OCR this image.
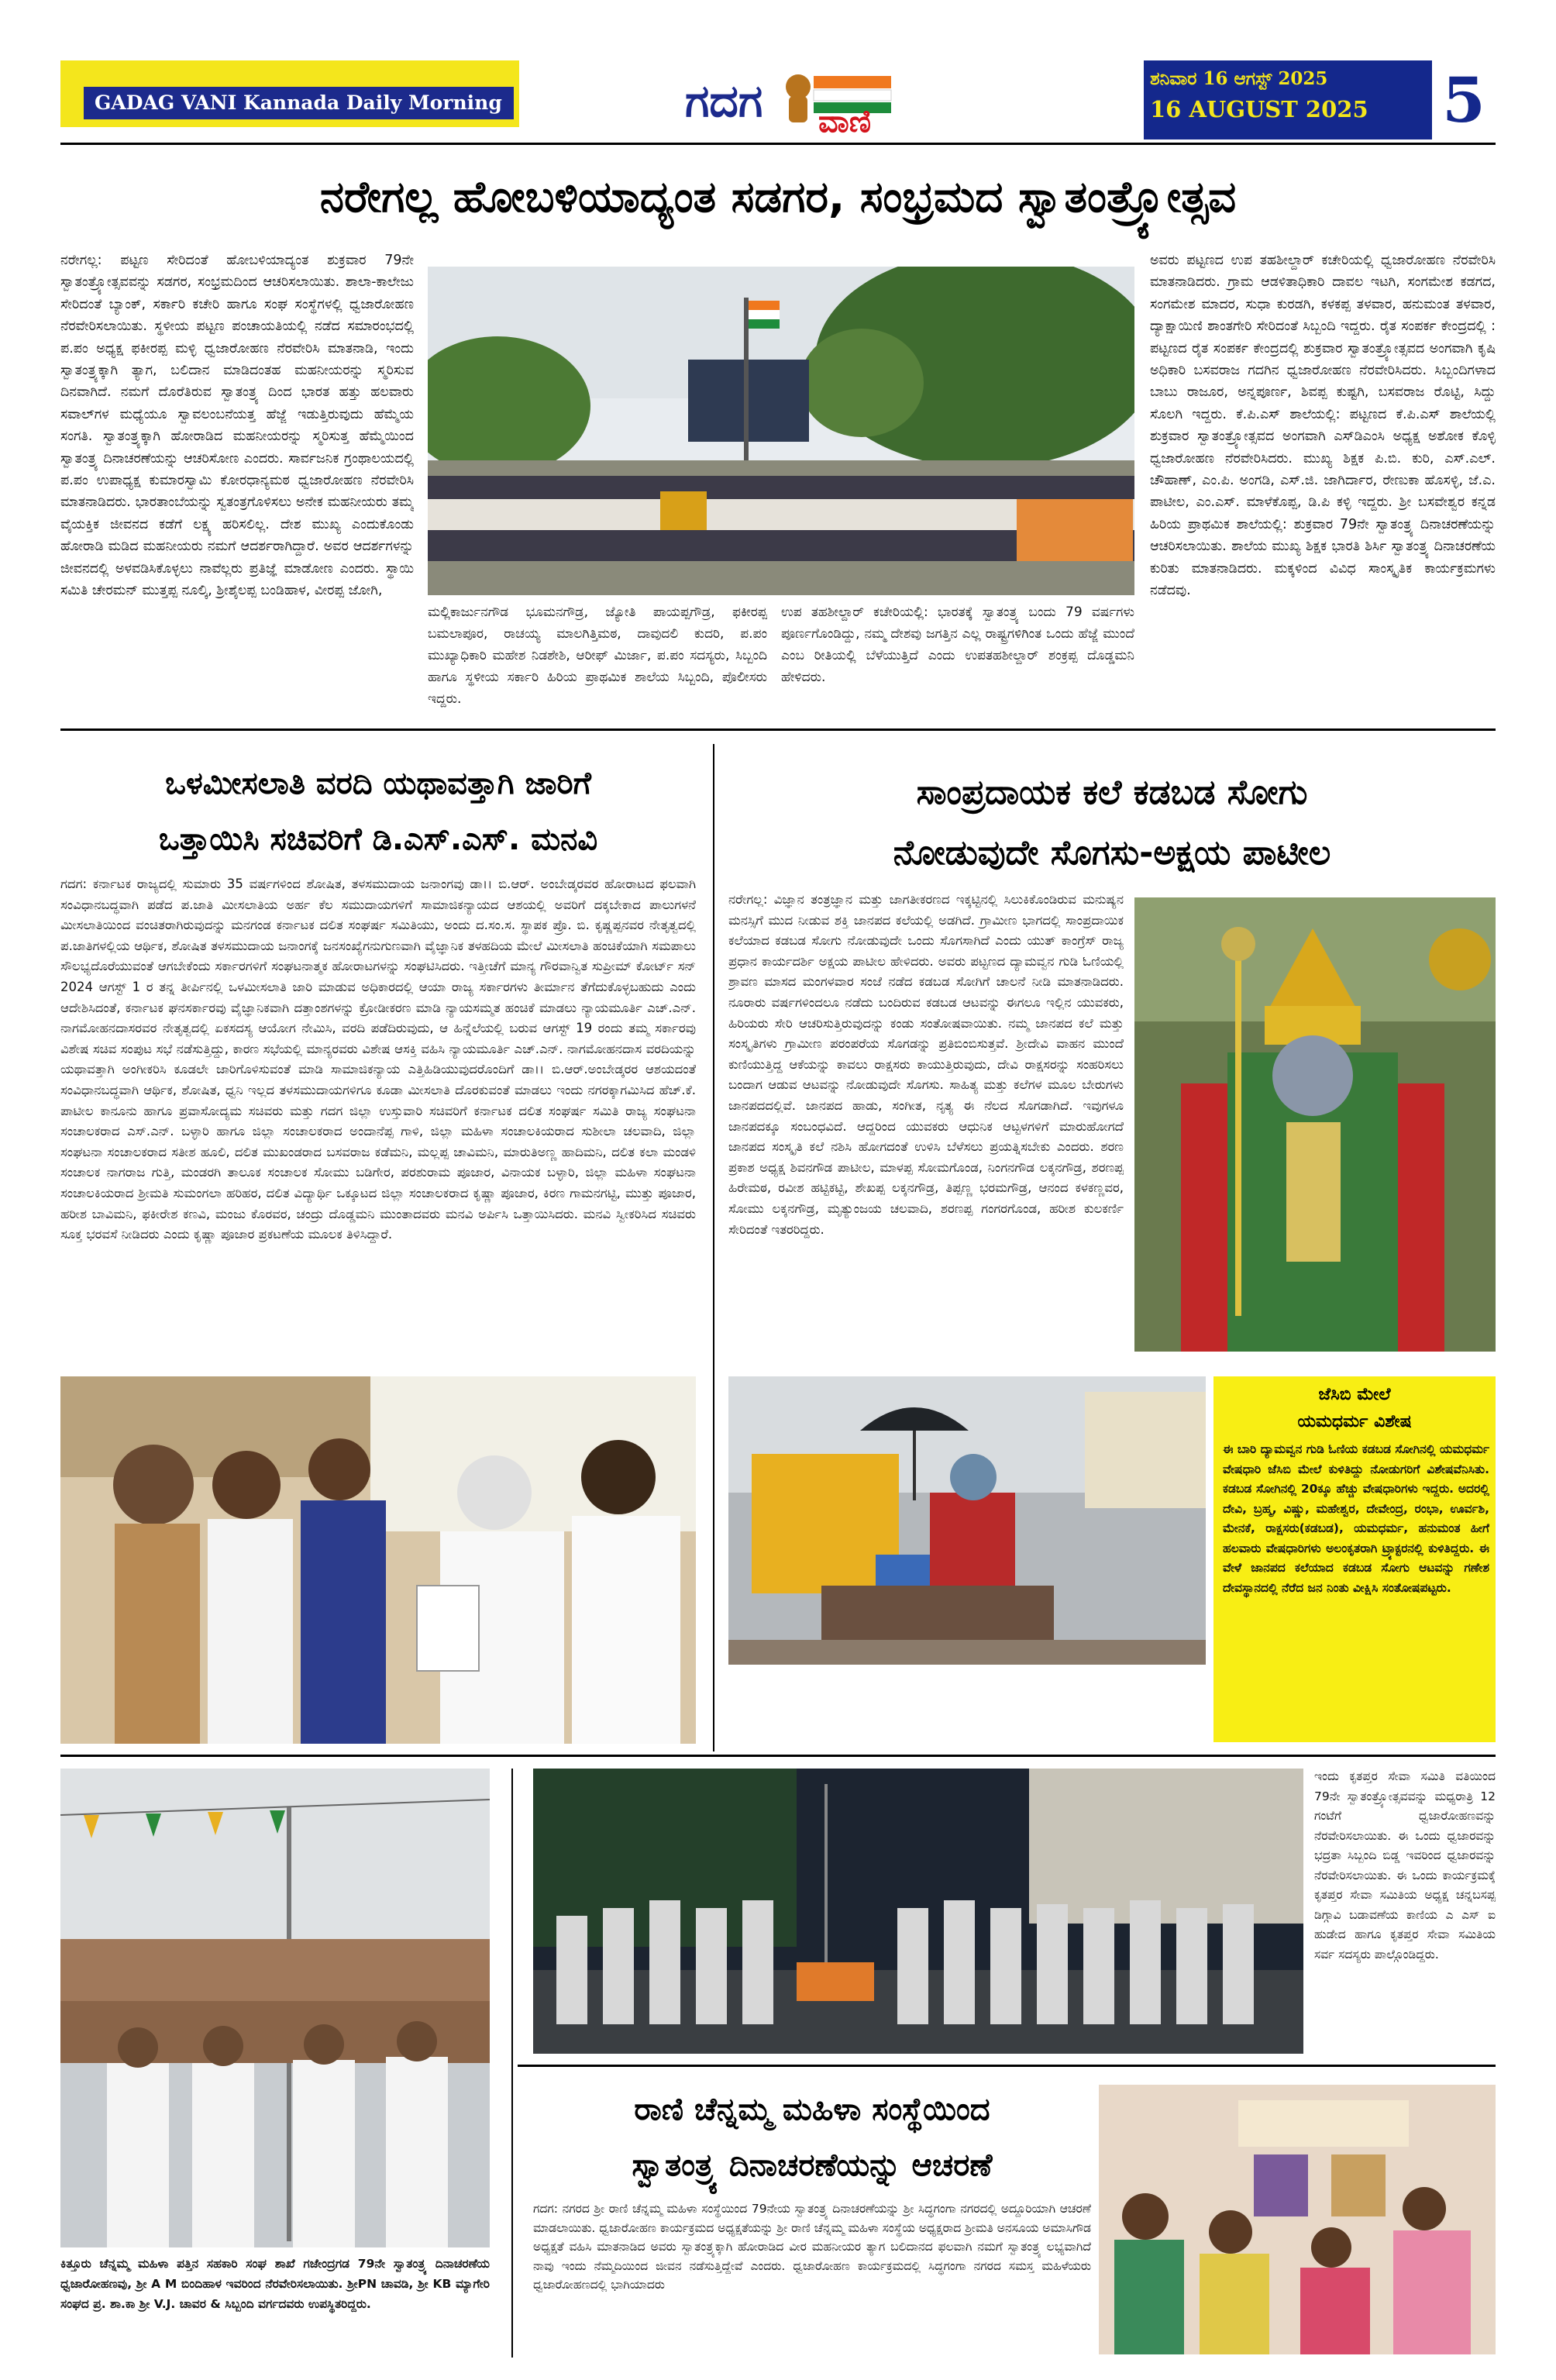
GADAG VANI Kannada Daily Morning	ಗದಗ ವಾಣಿ
ಶನಿವಾರ 16 ಆಗಸ್ಟ್ 2025
16 AUGUST 2025 5
ನರೇಗಲ್ಲ ಹೋಬಳಿಯಾದ್ಯಂತ ಸಡಗರ, ಸಂಭ್ರಮದ ಸ್ವಾತಂತ್ರ್ಯೋತ್ಸವ
ನರೇಗಲ್ಲ: ಪಟ್ಟಣ ಸೇರಿದಂತೆ ಹೋಬಳಿಯಾದ್ಯಂತ ಶುಕ್ರವಾರ 79ನೇ ಸ್ವಾತಂತ್ರ್ಯೋತ್ಸವವನ್ನು ಸಡಗರ, ಸಂಭ್ರಮದಿಂದ ಆಚರಿಸಲಾಯಿತು. ಶಾಲಾ-ಕಾಲೇಜು ಸೇರಿದಂತೆ ಬ್ಯಾಂಕ್, ಸರ್ಕಾರಿ ಕಚೇರಿ ಹಾಗೂ ಸಂಘ ಸಂಸ್ಥೆಗಳಲ್ಲಿ ಧ್ವಜಾರೋಹಣ ನೆರವೇರಿಸಲಾಯಿತು. ಸ್ಥಳೀಯ ಪಟ್ಟಣ ಪಂಚಾಯತಿಯಲ್ಲಿ ನಡೆದ ಸಮಾರಂಭದಲ್ಲಿ ಪ.ಪಂ ಅಧ್ಯಕ್ಷ ಫಕೀರಪ್ಪ ಮಳ್ಳಿ ಧ್ವಜಾರೋಹಣ ನೆರವೇರಿಸಿ ಮಾತನಾಡಿ, ಇಂದು ಸ್ವಾತಂತ್ರ್ಯಕ್ಕಾಗಿ ತ್ಯಾಗ, ಬಲಿದಾನ ಮಾಡಿದಂತಹ ಮಹನೀಯರನ್ನು ಸ್ಮರಿಸುವ ದಿನವಾಗಿದೆ. ನಮಗೆ ದೊರೆತಿರುವ ಸ್ವಾತಂತ್ರ್ಯ ದಿಂದ ಭಾರತ ಹತ್ತು ಹಲವಾರು ಸವಾಲ್‌ಗಳ ಮಧ್ಯೆಯೂ ಸ್ವಾವಲಂಬನೆಯತ್ತ ಹೆಜ್ಜೆ ಇಡುತ್ತಿರುವುದು ಹೆಮ್ಮೆಯ ಸಂಗತಿ. ಸ್ವಾತಂತ್ರ್ಯಕ್ಕಾಗಿ ಹೋರಾಡಿದ ಮಹನೀಯರನ್ನು ಸ್ಮರಿಸುತ್ತ ಹೆಮ್ಮೆಯಿಂದ ಸ್ವಾತಂತ್ರ್ಯ ದಿನಾಚರಣೆಯನ್ನು ಆಚರಿಸೋಣ ಎಂದರು. ಸಾರ್ವಜನಿಕ ಗ್ರಂಥಾಲಯದಲ್ಲಿ ಪ.ಪಂ ಉಪಾಧ್ಯಕ್ಷ ಕುಮಾರಸ್ವಾಮಿ ಕೋರಧಾನ್ಯಮಠ ಧ್ವಜಾರೋಹಣ ನೆರವೇರಿಸಿ ಮಾತನಾಡಿದರು. ಭಾರತಾಂಬೆಯನ್ನು ಸ್ವತಂತ್ರಗೊಳಿಸಲು ಅನೇಕ ಮಹನೀಯರು ತಮ್ಮ ವೈಯಕ್ತಿಕ ಜೀವನದ ಕಡೆಗೆ ಲಕ್ಷ್ಯ ಹರಿಸಲಿಲ್ಲ. ದೇಶ ಮುಖ್ಯ ಎಂದುಕೊಂಡು ಹೋರಾಡಿ ಮಡಿದ ಮಹನೀಯರು ನಮಗೆ ಆದರ್ಶರಾಗಿದ್ದಾರೆ. ಅವರ ಆದರ್ಶಗಳನ್ನು ಜೀವನದಲ್ಲಿ ಅಳವಡಿಸಿಕೊಳ್ಳಲು ನಾವೆಲ್ಲರು ಪ್ರತಿಜ್ಞೆ ಮಾಡೋಣ ಎಂದರು. ಸ್ಥಾಯಿ ಸಮಿತಿ ಚೇರಮನ್ ಮುತ್ತಪ್ಪ ನೂಲ್ಕಿ, ಶ್ರೀಶೈಲಪ್ಪ ಬಂಡಿಹಾಳ, ವೀರಪ್ಪ ಜೋಗಿ,
ಮಲ್ಲಿಕಾರ್ಜುನಗೌಡ ಭೂಮನಗೌಡ್ರ, ಜ್ಯೋತಿ ಪಾಯಪ್ಪಗೌಡ್ರ, ಫಕೀರಪ್ಪ ಬಮಲಾಪೂರ, ರಾಚಯ್ಯ ಮಾಲಗಿತ್ತಿಮಠ, ದಾವುದಲಿ ಕುದರಿ, ಪ.ಪಂ ಮುಖ್ಯಾಧಿಕಾರಿ ಮಹೇಶ ನಿಡಶೇಶಿ, ಆರೀಫ್ ಮಿರ್ಜಾ, ಪ.ಪಂ ಸದಸ್ಯರು, ಸಿಬ್ಬಂದಿ ಹಾಗೂ ಸ್ಥಳೀಯ ಸರ್ಕಾರಿ ಹಿರಿಯ ಪ್ರಾಥಮಿಕ ಶಾಲೆಯ ಸಿಬ್ಬಂದಿ, ಪೊಲೀಸರು ಇದ್ದರು.
ಉಪ ತಹಶೀಲ್ದಾರ್ ಕಚೇರಿಯಲ್ಲಿ: ಭಾರತಕ್ಕೆ ಸ್ವಾತಂತ್ರ್ಯ ಬಂದು 79 ವರ್ಷಗಳು ಪೂರ್ಣಗೊಂಡಿದ್ದು, ನಮ್ಮ ದೇಶವು ಜಗತ್ತಿನ ಎಲ್ಲ ರಾಷ್ಟ್ರಗಳಿಗಿಂತ ಒಂದು ಹೆಜ್ಜೆ ಮುಂದೆ ಎಂಬ ರೀತಿಯಲ್ಲಿ ಬೆಳೆಯುತ್ತಿದೆ ಎಂದು ಉಪತಹಶೀಲ್ದಾರ್ ಶಂಕ್ರಪ್ಪ ದೊಡ್ಡಮನಿ ಹೇಳಿದರು.
ಅವರು ಪಟ್ಟಣದ ಉಪ ತಹಶೀಲ್ದಾರ್ ಕಚೇರಿಯಲ್ಲಿ ಧ್ವಜಾರೋಹಣ ನೆರವೇರಿಸಿ ಮಾತನಾಡಿದರು. ಗ್ರಾಮ ಆಡಳಿತಾಧಿಕಾರಿ ದಾವಲ ಇಟಗಿ, ಸಂಗಮೇಶ ಕಡಗದ, ಸಂಗಮೇಶ ಮಾದರ, ಸುಧಾ ಕುರಡಗಿ, ಕಳಕಪ್ಪ ತಳವಾರ, ಹನುಮಂತ ತಳವಾರ, ದ್ಯಾಕ್ಷಾಯಿಣಿ ಶಾಂತಗೇರಿ ಸೇರಿದಂತೆ ಸಿಬ್ಬಂದಿ ಇದ್ದರು. ರೈತ ಸಂಪರ್ಕ ಕೇಂದ್ರದಲ್ಲಿ : ಪಟ್ಟಣದ ರೈತ ಸಂಪರ್ಕ ಕೇಂದ್ರದಲ್ಲಿ ಶುಕ್ರವಾರ ಸ್ವಾತಂತ್ರ್ಯೋತ್ಸವದ ಅಂಗವಾಗಿ ಕೃಷಿ ಅಧಿಕಾರಿ ಬಸವರಾಜ ಗದಗಿನ ಧ್ವಜಾರೋಹಣ ನೆರವೇರಿಸಿದರು. ಸಿಬ್ಬಂದಿಗಳಾದ ಬಾಬು ರಾಜೂರ, ಅನ್ನಪೂರ್ಣ, ಶಿವಪ್ಪ ಕುಷ್ಟಗಿ, ಬಸವರಾಜ ರೊಟ್ಟಿ, ಸಿದ್ದು ಸೊಲಗಿ ಇದ್ದರು. ಕೆ.ಪಿ.ಎಸ್ ಶಾಲೆಯಲ್ಲಿ: ಪಟ್ಟಣದ ಕೆ.ಪಿ.ಎಸ್ ಶಾಲೆಯಲ್ಲಿ ಶುಕ್ರವಾರ ಸ್ವಾತಂತ್ರ್ಯೋತ್ಸವದ ಅಂಗವಾಗಿ ಎಸ್‌ಡಿಎಂಸಿ ಅಧ್ಯಕ್ಷ ಅಶೋಕ ಕೊಳ್ಳಿ ಧ್ವಜಾರೋಹಣ ನೆರವೇರಿಸಿದರು. ಮುಖ್ಯ ಶಿಕ್ಷಕ ಪಿ.ಬಿ. ಕುರಿ, ಎಸ್.ಎಲ್. ಚೌಹಾಣ್, ಎಂ.ಪಿ. ಅಂಗಡಿ, ಎಸ್.ಜಿ. ಜಾಗಿರ್ದಾರ, ರೇಣುಕಾ ಹೊಸಳ್ಳಿ, ಜೆ.ಎ. ಪಾಟೀಲ, ಎಂ.ಎಸ್. ಮಾಳೆಕೊಪ್ಪ, ಡಿ.ಪಿ ಕಳ್ಳಿ ಇದ್ದರು. ಶ್ರೀ ಬಸವೇಶ್ವರ ಕನ್ನಡ ಹಿರಿಯ ಪ್ರಾಥಮಿಕ ಶಾಲೆಯಲ್ಲಿ: ಶುಕ್ರವಾರ 79ನೇ ಸ್ವಾತಂತ್ರ್ಯ ದಿನಾಚರಣೆಯನ್ನು ಆಚರಿಸಲಾಯಿತು. ಶಾಲೆಯ ಮುಖ್ಯ ಶಿಕ್ಷಕ ಭಾರತಿ ಶಿರ್ಸಿ ಸ್ವಾತಂತ್ರ್ಯ ದಿನಾಚರಣೆಯ ಕುರಿತು ಮಾತನಾಡಿದರು. ಮಕ್ಕಳಿಂದ ವಿವಿಧ ಸಾಂಸ್ಕೃತಿಕ ಕಾರ್ಯಕ್ರಮಗಳು ನಡೆದವು.
ಒಳಮೀಸಲಾತಿ ವರದಿ ಯಥಾವತ್ತಾಗಿ ಜಾರಿಗೆ
ಒತ್ತಾಯಿಸಿ ಸಚಿವರಿಗೆ ಡಿ.ಎಸ್.ಎಸ್. ಮನವಿ
ಗದಗ: ಕರ್ನಾಟಕ ರಾಜ್ಯದಲ್ಲಿ ಸುಮಾರು 35 ವರ್ಷಗಳಿಂದ ಶೋಷಿತ, ತಳಸಮುದಾಯ ಜನಾಂಗವು ಡಾ।। ಬಿ.ಆರ್. ಅಂಬೇಡ್ಕರವರ ಹೋರಾಟದ ಫಲವಾಗಿ ಸಂವಿಧಾನಬದ್ಧವಾಗಿ ಪಡೆದ ಪ.ಜಾತಿ ಮೀಸಲಾತಿಯ ಅರ್ಹ ಕೆಲ ಸಮುದಾಯಗಳಿಗೆ ಸಾಮಾಜಿಕನ್ಯಾಯದ ಆಶಯಲ್ಲಿ ಅವರಿಗೆ ದಕ್ಕಬೇಕಾದ ಪಾಲುಗಳನೆ ಮೀಸಲಾತಿಯಿಂದ ವಂಚಿತರಾಗಿರುವುದನ್ನು ಮನಗಂಡ ಕರ್ನಾಟಕ ದಲಿತ ಸಂಘರ್ಷ ಸಮಿತಿಯು, ಅಂದು ದ.ಸಂ.ಸ. ಸ್ಥಾಪಕ ಪ್ರೊ. ಬಿ. ಕೃಷ್ಣಪ್ಪನವರ ನೇತೃತ್ವದಲ್ಲಿ ಪ.ಜಾತಿಗಳಲ್ಲಿಯ ಆರ್ಥಿಕ, ಶೋಷಿತ ತಳಸಮುದಾಯ ಜನಾಂಗಕ್ಕೆ ಜನಸಂಖ್ಯೆಗನುಗುಣವಾಗಿ ವೈಜ್ಞಾನಿಕ ತಳಹದಿಯ ಮೇಲೆ ಮೀಸಲಾತಿ ಹಂಚಿಕೆಯಾಗಿ ಸಮಪಾಲು ಸೌಲಭ್ಯದೊರೆಯುವಂತೆ ಆಗಬೇಕೆಂದು ಸರ್ಕಾರಗಳಿಗೆ ಸಂಘಟನಾತ್ಮಕ ಹೋರಾಟಗಳನ್ನು ಸಂಘಟಿಸಿದರು. ಇತ್ತೀಚೆಗೆ ಮಾನ್ಯ ಗೌರವಾನ್ವಿತ ಸುಪ್ರೀಮ್ ಕೋರ್ಟ್ ಸನ್ 2024 ಆಗಸ್ಟ್ 1 ರ ತನ್ನ ತೀರ್ಪಿನಲ್ಲಿ ಒಳಮೀಸಲಾತಿ ಜಾರಿ ಮಾಡುವ ಅಧಿಕಾರದಲ್ಲಿ ಆಯಾ ರಾಜ್ಯ ಸರ್ಕಾರಗಳು ತೀರ್ಮಾನ ತೆಗೆದುಕೊಳ್ಳಬಹುದು ಎಂದು ಆದೇಶಿಸಿದಂತೆ, ಕರ್ನಾಟಕ ಘನಸರ್ಕಾರವು ವೈಜ್ಞಾನಿಕವಾಗಿ ದತ್ತಾಂಶಗಳನ್ನು ಕ್ರೋಡೀಕರಣ ಮಾಡಿ ನ್ಯಾಯಸಮ್ಮತ ಹಂಚಿಕೆ ಮಾಡಲು ನ್ಯಾಯಮೂರ್ತಿ ಎಚ್.ಎನ್. ನಾಗಮೋಹನದಾಸರವರ ನೇತೃತ್ವದಲ್ಲಿ ಏಕಸದಸ್ಯ ಆಯೋಗ ನೇಮಿಸಿ, ವರದಿ ಪಡೆದಿರುವುದು, ಆ ಹಿನ್ನೆಲೆಯಲ್ಲಿ ಬರುವ ಆಗಸ್ಟ್ 19 ರಂದು ತಮ್ಮ ಸರ್ಕಾರವು ವಿಶೇಷ ಸಚಿವ ಸಂಪುಟ ಸಭೆ ನಡೆಸುತ್ತಿದ್ದು, ಕಾರಣ ಸಭೆಯಲ್ಲಿ ಮಾನ್ಯರವರು ವಿಶೇಷ ಆಸಕ್ತಿ ವಹಿಸಿ ನ್ಯಾಯಮೂರ್ತಿ ಎಚ್.ಎನ್. ನಾಗಮೋಹನದಾಸ ವರದಿಯನ್ನು ಯಥಾವತ್ತಾಗಿ ಅಂಗೀಕರಿಸಿ ಕೂಡಲೇ ಜಾರಿಗೊಳಿಸುವಂತೆ ಮಾಡಿ ಸಾಮಾಜಿಕನ್ಯಾಯ ಎತ್ತಿಹಿಡಿಯುವುದರೊಂದಿಗೆ ಡಾ।। ಬಿ.ಆರ್.ಅಂಬೇಡ್ಕರರ ಆಶಯದಂತೆ ಸಂವಿಧಾನಬದ್ಧವಾಗಿ ಆರ್ಥಿಕ, ಶೋಷಿತ, ಧ್ವನಿ ಇಲ್ಲದ ತಳಸಮುದಾಯಗಳಿಗೂ ಕೂಡಾ ಮೀಸಲಾತಿ ದೊರಕುವಂತೆ ಮಾಡಲು ಇಂದು ನಗರಕ್ಕಾಗಮಿಸಿದ ಹೆಚ್.ಕೆ. ಪಾಟೀಲ ಕಾನೂನು ಹಾಗೂ ಪ್ರವಾಸೋದ್ಯಮ ಸಚಿವರು ಮತ್ತು ಗದಗ ಜಿಲ್ಲಾ ಉಸ್ತುವಾರಿ ಸಚಿವರಿಗೆ ಕರ್ನಾಟಕ ದಲಿತ ಸಂಘರ್ಷ ಸಮಿತಿ ರಾಜ್ಯ ಸಂಘಟನಾ ಸಂಚಾಲಕರಾದ ಎಸ್.ಎನ್. ಬಳ್ಳಾರಿ ಹಾಗೂ ಜಿಲ್ಲಾ ಸಂಚಾಲಕರಾದ ಅಂದಾನೆಪ್ಪ ಗಾಳಿ, ಜಿಲ್ಲಾ ಮಹಿಳಾ ಸಂಚಾಲಕಿಯರಾದ ಸುಶೀಲಾ ಚಲವಾದಿ, ಜಿಲ್ಲಾ ಸಂಘಟನಾ ಸಂಚಾಲಕರಾದ ಸತೀಶ ಹೂಲಿ, ದಲಿತ ಮುಖಂಡರಾದ ಬಸವರಾಜ ಕಡೆಮನಿ, ಮಲ್ಲಪ್ಪ ಚಾವಿಮನಿ, ಮಾರುತಿಅಣ್ಣ ಹಾದಿಮನಿ, ದಲಿತ ಕಲಾ ಮಂಡಳಿ ಸಂಚಾಲಕ ನಾಗರಾಜ ಗುತ್ತಿ, ಮಂಡರಗಿ ತಾಲೂಕ ಸಂಚಾಲಕ ಸೋಮು ಬಡಿಗೇರ, ಪರಶುರಾಮ ಪೂಜಾರ, ವಿನಾಯಕ ಬಳ್ಳಾರಿ, ಜಿಲ್ಲಾ ಮಹಿಳಾ ಸಂಘಟನಾ ಸಂಚಾಲಕಿಯರಾದ ಶ್ರೀಮತಿ ಸುಮಂಗಲಾ ಹರಿಹರ, ದಲಿತ ವಿದ್ಯಾರ್ಥಿ ಒಕ್ಕೂಟದ ಜಿಲ್ಲಾ ಸಂಚಾಲಕರಾದ ಕೃಷ್ಣಾ ಪೂಜಾರ, ಕಿರಣ ಗಾಮನಗಟ್ಟಿ, ಮುತ್ತು ಪೂಜಾರ, ಹರೀಶ ಬಾವಿಮನಿ, ಫಕೀರೇಶ ಕಣವಿ, ಮಂಜು ಕೊರವರ, ಚಂದ್ರು ದೊಡ್ಡಮನಿ ಮುಂತಾದವರು ಮನವಿ ಅರ್ಪಿಸಿ ಒತ್ತಾಯಿಸಿದರು. ಮನವಿ ಸ್ವೀಕರಿಸಿದ ಸಚಿವರು ಸೂಕ್ತ ಭರವಸೆ ನೀಡಿದರು ಎಂದು ಕೃಷ್ಣಾ ಪೂಜಾರ ಪ್ರಕಟಣೆಯ ಮೂಲಕ ತಿಳಿಸಿದ್ದಾರೆ.
ಸಾಂಪ್ರದಾಯಕ ಕಲೆ ಕಡಬಡ ಸೋಗು
ನೋಡುವುದೇ ಸೊಗಸು-ಅಕ್ಷಯ ಪಾಟೀಲ
ನರೇಗಲ್ಲ: ವಿಜ್ಞಾನ ತಂತ್ರಜ್ಞಾನ ಮತ್ತು ಜಾಗತೀಕರಣದ ಇಕ್ಕಟ್ಟಿನಲ್ಲಿ ಸಿಲುಕಿಕೊಂಡಿರುವ ಮನುಷ್ಯನ ಮನಸ್ಸಿಗೆ ಮುದ ನೀಡುವ ಶಕ್ತಿ ಜಾನಪದ ಕಲೆಯಲ್ಲಿ ಅಡಗಿದೆ. ಗ್ರಾಮೀಣ ಭಾಗದಲ್ಲಿ ಸಾಂಪ್ರದಾಯಿಕ ಕಲೆಯಾದ ಕಡಬಡ ಸೋಗು ನೋಡುವುದೇ ಒಂದು ಸೊಗಸಾಗಿದೆ ಎಂದು ಯುತ್ ಕಾಂಗ್ರೆಸ್ ರಾಜ್ಯ ಪ್ರಧಾನ ಕಾರ್ಯದರ್ಶಿ ಅಕ್ಷಯ ಪಾಟೀಲ ಹೇಳಿದರು. ಅವರು ಪಟ್ಟಣದ ದ್ಯಾಮವ್ವನ ಗುಡಿ ಓಣಿಯಲ್ಲಿ ಶ್ರಾವಣ ಮಾಸದ ಮಂಗಳವಾರ ಸಂಜೆ ನಡೆದ ಕಡಬಡ ಸೋಗಿಗೆ ಚಾಲನೆ ನೀಡಿ ಮಾತನಾಡಿದರು. ನೂರಾರು ವರ್ಷಗಳಿಂದಲೂ ನಡೆದು ಬಂದಿರುವ ಕಡಬಡ ಆಟವನ್ನು ಈಗಲೂ ಇಲ್ಲಿನ ಯುವಕರು, ಹಿರಿಯರು ಸೇರಿ ಆಚರಿಸುತ್ತಿರುವುದನ್ನು ಕಂಡು ಸಂತೋಷವಾಯಿತು. ನಮ್ಮ ಜಾನಪದ ಕಲೆ ಮತ್ತು ಸಂಸ್ಕೃತಿಗಳು ಗ್ರಾಮೀಣ ಪರಂಪರೆಯ ಸೊಗಡನ್ನು ಪ್ರತಿಬಿಂಬಿಸುತ್ತವೆ. ಶ್ರೀದೇವಿ ವಾಹನ ಮುಂದೆ ಕುಣಿಯುತ್ತಿದ್ದ ಆಕೆಯನ್ನು ಕಾವಲು ರಾಕ್ಷಸರು ಕಾಯುತ್ತಿರುವುದು, ದೇವಿ ರಾಕ್ಷಸರನ್ನು ಸಂಹರಿಸಲು ಬಂದಾಗ ಆಡುವ ಆಟವನ್ನು ನೋಡುವುದೇ ಸೊಗಸು. ಸಾಹಿತ್ಯ ಮತ್ತು ಕಲೆಗಳ ಮೂಲ ಬೇರುಗಳು ಜಾನಪದದಲ್ಲಿವೆ. ಜಾನಪದ ಹಾಡು, ಸಂಗೀತ, ನೃತ್ಯ ಈ ನೆಲದ ಸೊಗಡಾಗಿದೆ. ಇವುಗಳೂ ಜಾನಪದಕ್ಕೂ ಸಂಬಂಧವಿದೆ. ಆದ್ದರಿಂದ ಯುವಕರು ಆಧುನಿಕ ಆಟ್ಟಳಗಳಿಗೆ ಮಾರುಹೋಗದೆ ಜಾನಪದ ಸಂಸ್ಕೃತಿ ಕಲೆ ನಶಿಸಿ ಹೋಗದಂತೆ ಉಳಿಸಿ ಬೆಳೆಸಲು ಪ್ರಯತ್ನಿಸಬೇಕು ಎಂದರು. ಶರಣ ಪ್ರಕಾಶ ಅಧ್ಯಕ್ಷ ಶಿವನಗೌಡ ಪಾಟೀಲ, ಮಾಳಪ್ಪ ಸೋಮಗೊಂಡ, ನಿಂಗನಗೌಡ ಲಕ್ಕನಗೌಡ್ರ, ಶರಣಪ್ಪ ಹಿರೇಮಠ, ರವೀಶ ಹಟ್ಟಿಕಟ್ಟಿ, ಶೇಖಪ್ಪ ಲಕ್ಕನಗೌಡ್ರ, ತಿಪ್ಪಣ್ಣ ಭರಮಗೌಡ್ರ, ಆನಂದ ಕಳಕಣ್ಣವರ, ಸೋಮು ಲಕ್ಕನಗೌಡ್ರ, ಮೃತ್ಯುಂಜಯ ಚಲವಾದಿ, ಶರಣಪ್ಪ ಗಂಗರಗೊಂಡ, ಹರೀಶ ಕುಲಕರ್ಣಿ ಸೇರಿದಂತೆ ಇತರರಿದ್ದರು.
ಜೆಸಿಬಿ ಮೇಲೆ
ಯಮಧರ್ಮ ವಿಶೇಷ
ಈ ಬಾರಿ ದ್ಯಾಮವ್ವನ ಗುಡಿ ಓಣಿಯ ಕಡಬಡ ಸೋಗಿನಲ್ಲಿ ಯಮಧರ್ಮ ವೇಷಧಾರಿ ಜೆಸಿಬಿ ಮೇಲೆ ಕುಳಿತಿದ್ದು ನೋಡುಗರಿಗೆ ವಿಶೇಷವೆನಿಸಿತು. ಕಡಬಡ ಸೋಗಿನಲ್ಲಿ 20ಕ್ಕೂ ಹೆಚ್ಚು ವೇಷಧಾರಿಗಳು ಇದ್ದರು. ಅದರಲ್ಲಿ ದೇವಿ, ಬ್ರಹ್ಮ, ವಿಷ್ಣು, ಮಹೇಶ್ವರ, ದೇವೇಂದ್ರ, ರಂಭಾ, ಊರ್ವಶಿ, ಮೇನಕೆ, ರಾಕ್ಷಸರು(ಕಡಬಡ), ಯಮಧರ್ಮ, ಹನುಮಂತ ಹೀಗೆ ಹಲವಾರು ವೇಷಧಾರಿಗಳು ಅಲಂಕೃತರಾಗಿ ಟ್ರ್ಯಾಕ್ಟರನಲ್ಲಿ ಕುಳಿತಿದ್ದರು. ಈ ವೇಳೆ ಜಾನಪದ ಕಲೆಯಾದ ಕಡಬಡ ಸೋಗು ಆಟವನ್ನು ಗಣೇಶ ದೇವಸ್ಥಾನದಲ್ಲಿ ನೆರೆದ ಜನ ನಿಂತು ವೀಕ್ಷಿಸಿ ಸಂತೋಷಪಟ್ಟರು.
ಕಿತ್ತೂರು ಚೆನ್ನಮ್ಮ ಮಹಿಳಾ ಪತ್ತಿನ ಸಹಕಾರಿ ಸಂಘ ಶಾಖೆ ಗಜೇಂದ್ರಗಡ 79ನೇ ಸ್ವಾತಂತ್ರ್ಯ ದಿನಾಚರಣೆಯ ಧ್ವಜಾರೋಹಣವು, ಶ್ರೀ A M ಬಿಂದಿಹಾಳ ಇವರಿಂದ ನೆರವೇರಿಸಲಾಯಿತು. ಶ್ರೀPN ಚಾವಡಿ, ಶ್ರೀ KB ಮ್ಯಾಗೇರಿ ಸಂಘದ ಪ್ರ. ಶಾ.ಕಾ ಶ್ರೀ V.J. ಚಾವರ & ಸಿಬ್ಬಂದಿ ವರ್ಗದವರು ಉಪಸ್ಥಿತರಿದ್ದರು.
ಇಂದು ಕೃತಪ್ತರ ಸೇವಾ ಸಮಿತಿ ವತಿಯಿಂದ 79ನೇ ಸ್ವಾತಂತ್ರ್ಯೋತ್ಸವವನ್ನು ಮಧ್ಯರಾತ್ರಿ 12 ಗಂಟೆಗೆ ಧ್ವಜಾರೋಹಣವನ್ನು ನೆರವೇರಿಸಲಾಯಿತು. ಈ ಒಂದು ಧ್ವಜಾರವನ್ನು ಭದ್ರತಾ ಸಿಬ್ಬಂದಿ ಬಿಡ್ಡ ಇವರಿಂದ ಧ್ವಜಾರವನ್ನು ನೆರವೇರಿಸಲಾಯಿತು. ಈ ಒಂದು ಕಾರ್ಯಕ್ರಮಕ್ಕೆ ಕೃತಪ್ತರ ಸೇವಾ ಸಮಿತಿಯ ಅಧ್ಯಕ್ಷ ಚನ್ನಬಸಪ್ಪ ಡಿಗ್ಗಾವಿ ಬಡಾವಣೆಯ ಕಾಣಿಯ ಎ ಎಸ್ ಐ ಹುಡೇದ ಹಾಗೂ ಕೃತಪ್ತರ ಸೇವಾ ಸಮಿತಿಯ ಸರ್ವ ಸದಸ್ಯರು ಪಾಲ್ಗೊಂಡಿದ್ದರು.
ರಾಣಿ ಚೆನ್ನಮ್ಮ ಮಹಿಳಾ ಸಂಸ್ಥೆಯಿಂದ
ಸ್ವಾತಂತ್ರ್ಯ ದಿನಾಚರಣೆಯನ್ನು ಆಚರಣೆ
ಗದಗ: ನಗರದ ಶ್ರೀ ರಾಣಿ ಚೆನ್ನಮ್ಮ ಮಹಿಳಾ ಸಂಸ್ಥೆಯಿಂದ 79ನೇಯ ಸ್ವಾತಂತ್ರ್ಯ ದಿನಾಚರಣೆಯನ್ನು ಶ್ರೀ ಸಿದ್ಧಗಂಗಾ ನಗರದಲ್ಲಿ ಅದ್ದೂರಿಯಾಗಿ ಆಚರಣೆ ಮಾಡಲಾಯಿತು. ಧ್ವಜಾರೋಹಣ ಕಾರ್ಯಕ್ರಮದ ಅಧ್ಯಕ್ಷತೆಯನ್ನು ಶ್ರೀ ರಾಣಿ ಚೆನ್ನಮ್ಮ ಮಹಿಳಾ ಸಂಸ್ಥೆಯ ಅಧ್ಯಕ್ಷರಾದ ಶ್ರೀಮತಿ ಅನಸೂಯ ಅಮಾಸಿಗೌಡ ಅಧ್ಯಕ್ಷತೆ ವಹಿಸಿ ಮಾತನಾಡಿದ ಅವರು ಸ್ವಾತಂತ್ರ್ಯಕ್ಕಾಗಿ ಹೋರಾಡಿದ ವೀರ ಮಹನೀಯರ ತ್ಯಾಗ ಬಲಿದಾನದ ಫಲವಾಗಿ ನಮಗೆ ಸ್ವಾತಂತ್ರ್ಯ ಲಭ್ಯವಾಗಿದೆ ನಾವು ಇಂದು ನೆಮ್ಮದಿಯಿಂದ ಜೀವನ ನಡೆಸುತ್ತಿದ್ದೇವೆ ಎಂದರು. ಧ್ವಜಾರೋಹಣ ಕಾರ್ಯಕ್ರಮದಲ್ಲಿ ಸಿದ್ಧಗಂಗಾ ನಗರದ ಸಮಸ್ತ ಮಹಿಳೆಯರು ಧ್ವಜಾರೋಹಣದಲ್ಲಿ ಭಾಗಿಯಾದರು
